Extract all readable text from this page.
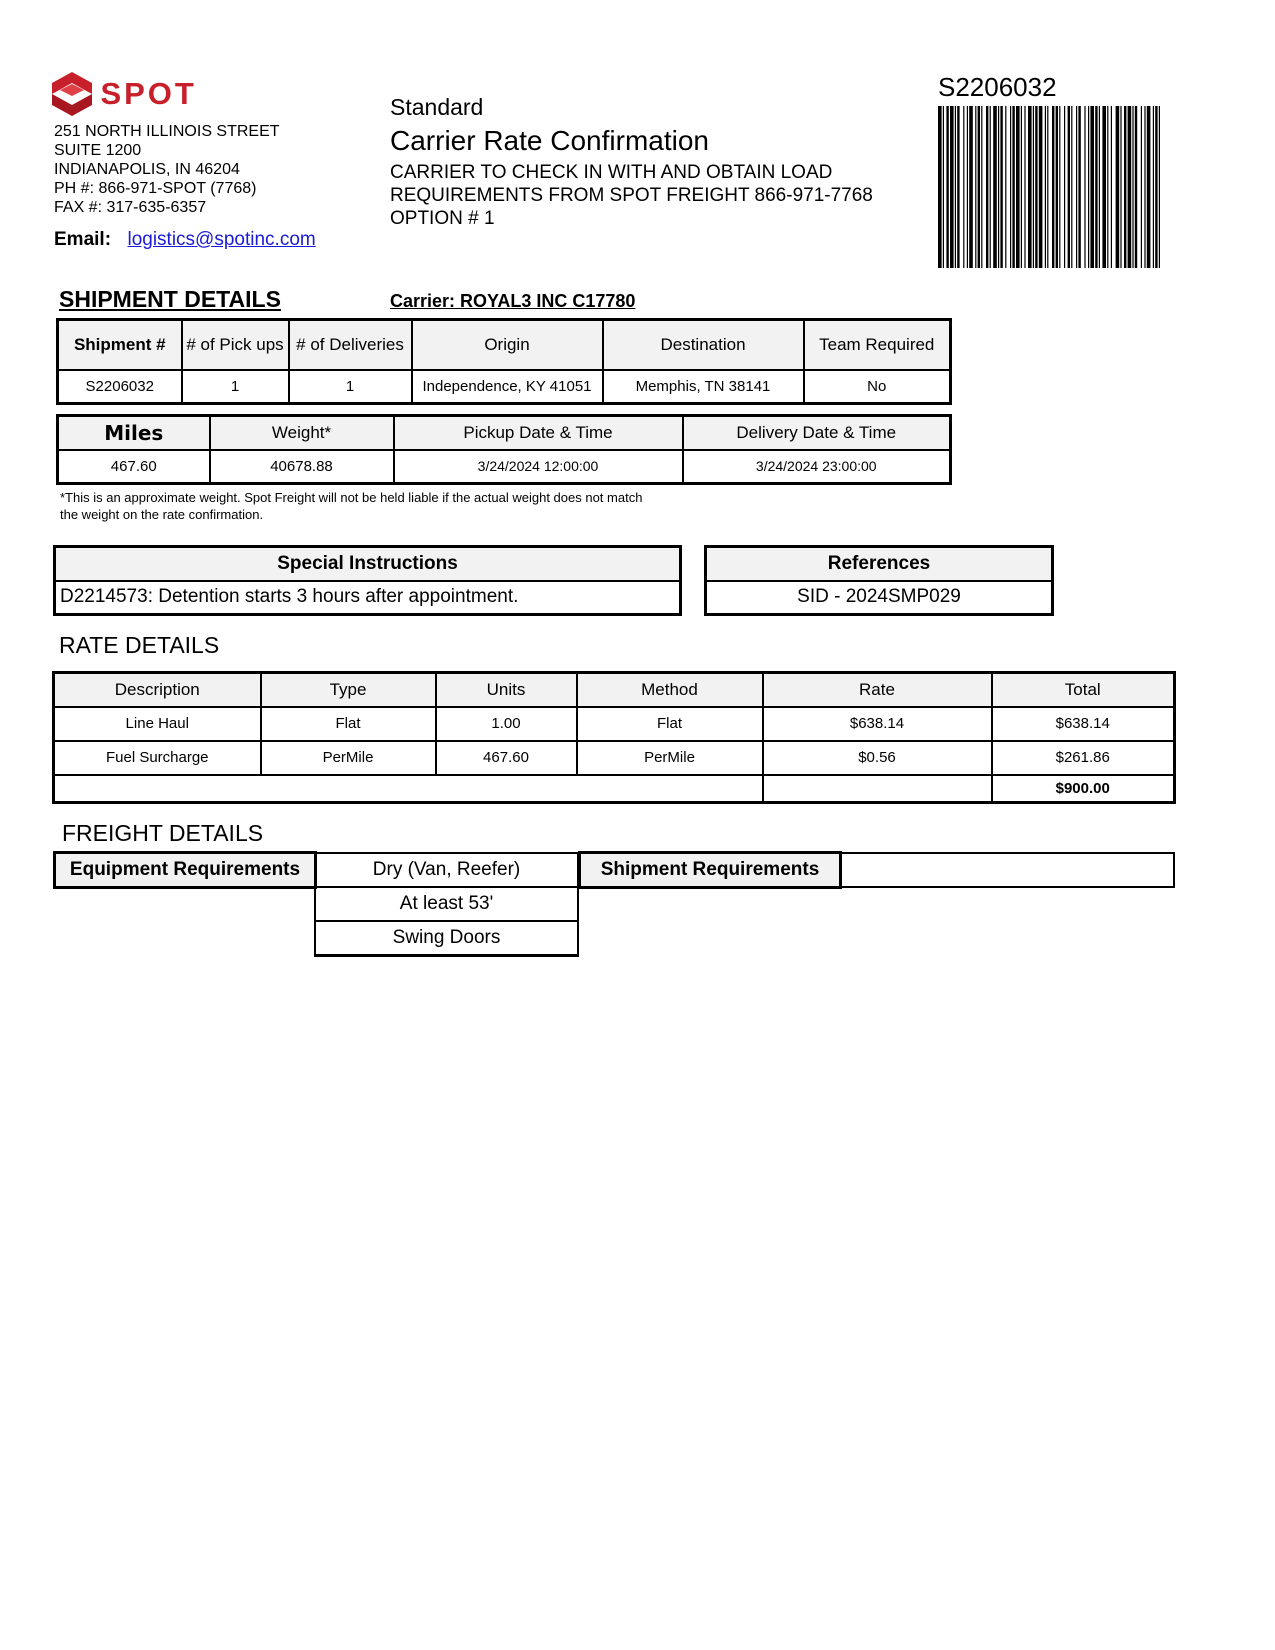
SPOT
251 NORTH ILLINOIS STREET
SUITE 1200
INDIANAPOLIS, IN 46204
PH #: 866-971-SPOT (7768)
FAX #: 317-635-6357
Email: logistics@spotinc.com
Standard
Carrier Rate Confirmation
CARRIER TO CHECK IN WITH AND OBTAIN LOAD REQUIREMENTS FROM SPOT FREIGHT 866-971-7768 OPTION # 1
S2206032
SHIPMENT DETAILS	Carrier: ROYAL3 INC C17780
Shipment #	# of Pick ups	# of Deliveries	Origin	Destination	Team Required
S2206032	1	1	Independence, KY 41051	Memphis, TN 38141	No
Miles	Weight*	Pickup Date & Time	Delivery Date & Time
467.60	40678.88	3/24/2024 12:00:00	3/24/2024 23:00:00
*This is an approximate weight. Spot Freight will not be held liable if the actual weight does not match the weight on the rate confirmation.
Special Instructions
D2214573: Detention starts 3 hours after appointment.
References
SID - 2024SMP029
RATE DETAILS
Description	Type	Units	Method	Rate	Total
Line Haul	Flat	1.00	Flat	$638.14	$638.14
Fuel Surcharge	PerMile	467.60	PerMile	$0.56	$261.86
					$900.00
FREIGHT DETAILS
Equipment Requirements	Dry (Van, Reefer)
At least 53'
Swing Doors
Shipment Requirements
